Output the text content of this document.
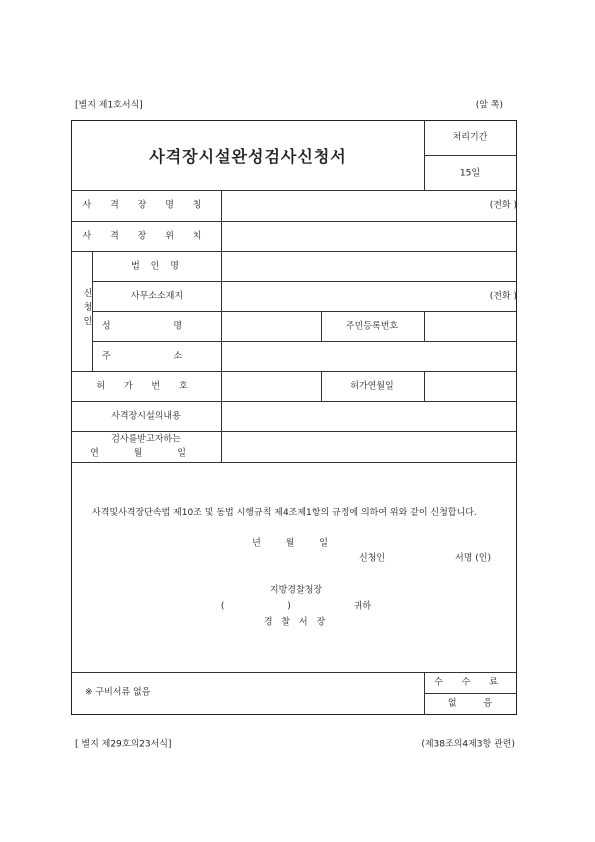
[별지 제1호서식]	(앞 쪽)
사격장시설완성검사신청서
처리기간
15일
사 격 장 명 칭	(전화 )
사 격 장 위 치
신청인
법 인 명
사무소소재지	(전화 )
성 명	주민등록번호
주 소
허 가 번 호	허가연월일
사격장시설의내용
검사를받고자하는
연 월 일
사격및사격장단속법 제10조 및 동법 시행규칙 제4조제1항의 규정에 의하여 위와 같이 신청합니다.
년 월 일
신청인	서명 (인)
지방경찰청장
( ) 귀하
경 찰 서 장
※ 구비서류 없음
수 수 료
없 음
[ 별지 제29호의23서식]	(제38조의4제3항 관련)
